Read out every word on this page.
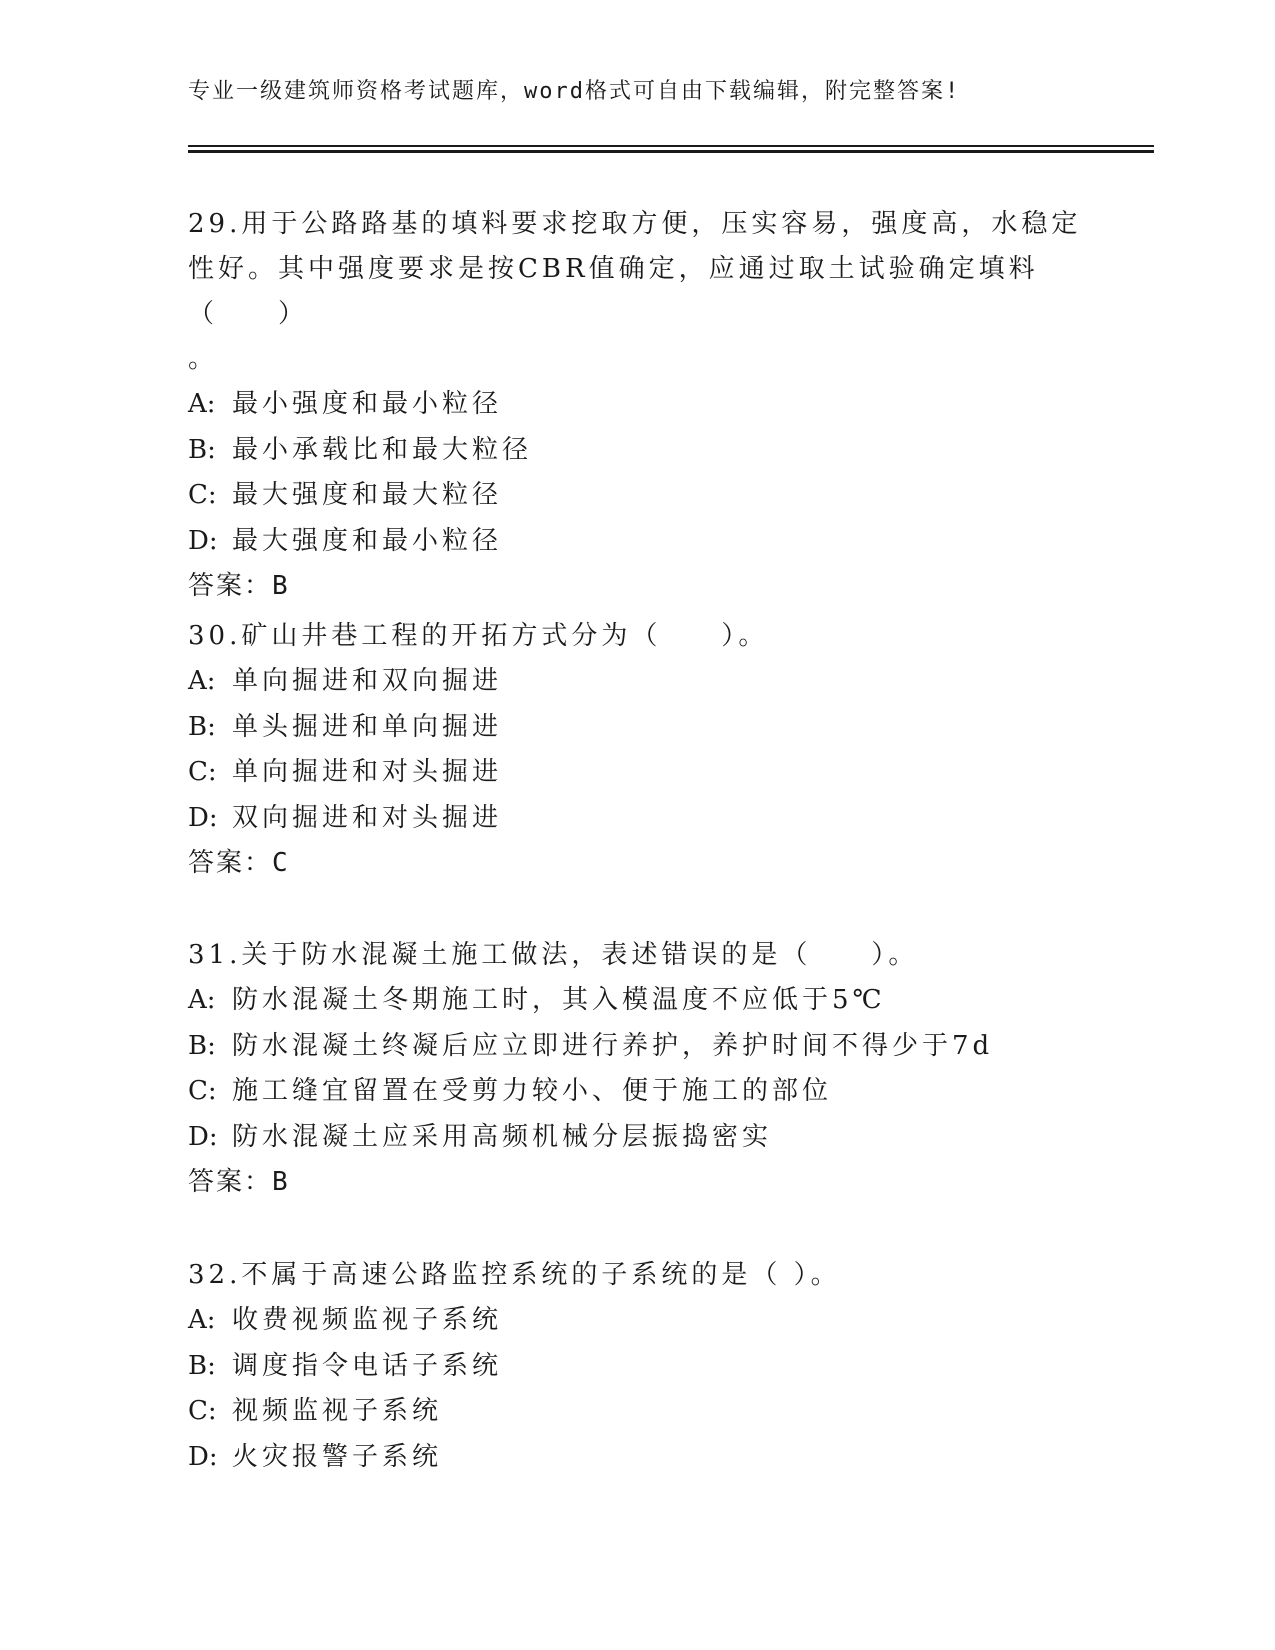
专业一级建筑师资格考试题库，word格式可自由下载编辑，附完整答案!
29.用于公路路基的填料要求挖取方便，压实容易，强度高，水稳定性好。其中强度要求是按CBR值确定，应通过取土试验确定填料（　　）
。
A: 最小强度和最小粒径
B: 最小承载比和最大粒径
C: 最大强度和最大粒径
D: 最大强度和最小粒径
答案：B
30.矿山井巷工程的开拓方式分为（　　）。
A: 单向掘进和双向掘进
B: 单头掘进和单向掘进
C: 单向掘进和对头掘进
D: 双向掘进和对头掘进
答案：C
31.关于防水混凝土施工做法，表述错误的是（　　）。
A: 防水混凝土冬期施工时，其入模温度不应低于5℃
B: 防水混凝土终凝后应立即进行养护，养护时间不得少于7d
C: 施工缝宜留置在受剪力较小、便于施工的部位
D: 防水混凝土应采用高频机械分层振捣密实
答案：B
32.不属于高速公路监控系统的子系统的是（ ）。
A: 收费视频监视子系统
B: 调度指令电话子系统
C: 视频监视子系统
D: 火灾报警子系统
